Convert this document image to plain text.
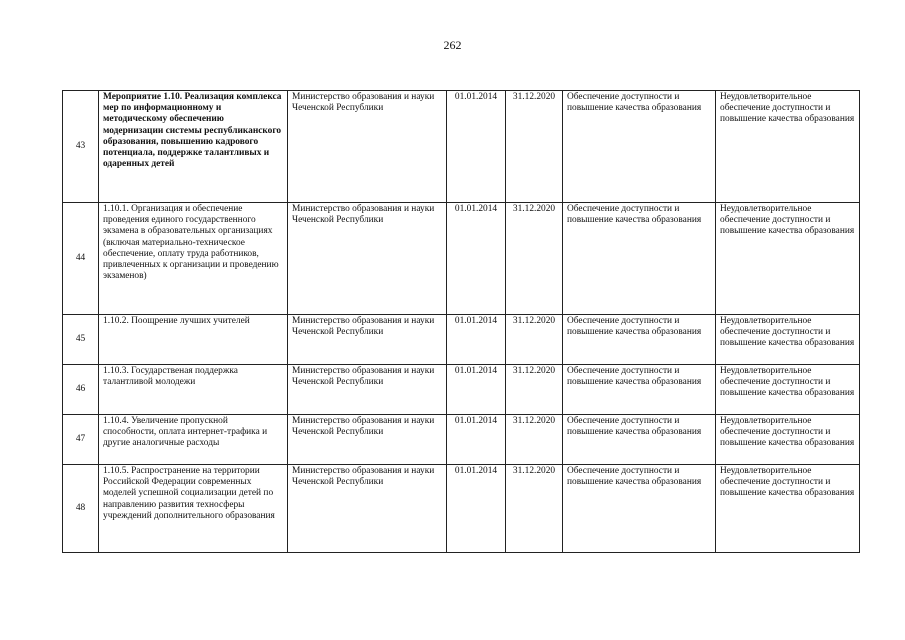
262
43	Мероприятие 1.10. Реализация комплекса мер по информационному и методическому обеспечению модернизации системы республиканского образования, повышению кадрового потенциала, поддержке талантливых и одаренных детей	Министерство образования и науки Чеченской Республики	01.01.2014	31.12.2020	Обеспечение доступности и повышение качества образования	Неудовлетворительное обеспечение доступности и повышение качества образования
44	1.10.1. Организация и обеспечение проведения единого государственного экзамена в образовательных организациях (включая материально-техническое обеспечение, оплату труда работников, привлеченных к организации и проведению экзаменов)	Министерство образования и науки Чеченской Республики	01.01.2014	31.12.2020	Обеспечение доступности и повышение качества образования	Неудовлетворительное обеспечение доступности и повышение качества образования
45	1.10.2. Поощрение лучших учителей	Министерство образования и науки Чеченской Республики	01.01.2014	31.12.2020	Обеспечение доступности и повышение качества образования	Неудовлетворительное обеспечение доступности и повышение качества образования
46	1.10.3. Государственая поддержка талантливой молодежи	Министерство образования и науки Чеченской Республики	01.01.2014	31.12.2020	Обеспечение доступности и повышение качества образования	Неудовлетворительное обеспечение доступности и повышение качества образования
47	1.10.4. Увеличение пропускной способности, оплата интернет-трафика и другие аналогичные расходы	Министерство образования и науки Чеченской Республики	01.01.2014	31.12.2020	Обеспечение доступности и повышение качества образования	Неудовлетворительное обеспечение доступности и повышение качества образования
48	1.10.5. Распространение на территории Российской Федерации современных моделей успешной социализации детей по направлению развития техносферы учреждений дополнительного образования	Министерство образования и науки Чеченской Республики	01.01.2014	31.12.2020	Обеспечение доступности и повышение качества образования	Неудовлетворительное обеспечение доступности и повышение качества образования
